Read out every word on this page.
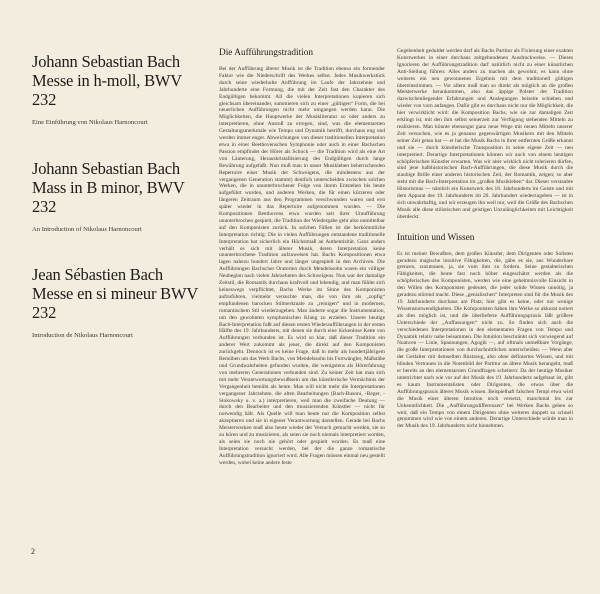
Johann Sebastian Bach Messe in h-moll, BWV 232
Eine Einführung von Nikolaus Harnoncourt
Johann Sebastian Bach Mass in B minor, BWV 232
An Introduction of Nikolaus Harnoncourt
Jean Sébastien Bach Messe en si mineur BWV 232
Introduction de Nikolaus Harnoncourt
Die Aufführungstradition

Bei der Aufführung älterer Musik ist die Tradition ebenso ein formender Faktor wie die Niederschrift des Werkes selbst. Jedes Musikwerkstück durch seine wiederholte Aufführung im Laufe der Jahrzehnte und Jahrhunderte eine Formung, die mit der Zeit fast den Charakter des Endgültigen bekommt. All die vielen Interpretationen kopieren sich gleichsam übereinander, summieren sich zu einer „gültigen“ Form, die bei neuerlichen Aufführungen nicht mehr umgangen werden kann. Die Möglichkeiten, die Hauptwerke der Musikliteratur so oder anders zu interpretieren, ohne Anstoß zu erregen, sind, was die elementarsten Gestaltungsmerkmale wie Tempo und Dynamik betrifft, durchaus eng und werden immer enger. Abweichungen von dieser traditionellen Interpretation etwa in einer Beethovenschen Symphonie oder auch in einer Bachschen Passion empfindet der Hörer als Schock — die Tradition wird als eine Art von Läuterung, Herauskristallisierung des Endgültigen durch lange Bewährung aufgefaßt. Nun muß man in unser Musikleben beherrschenden Repertoire einer Musik der Schweigens, die mindestens aus der vergangenen Generation stammt) deutlich unterscheiden zwischen solchen Werken, die in ununterbrochener Folge von ihrem Entstehen bis heute aufgeführt wurden, und anderen Werken, die für einen kürzeren oder längeren Zeitraum aus den Programmen verschwunden waren und erst später wieder in das Repertoire aufgenommen wurden. — Die Kompositionen Beethovens etwa wurden seit ihrer Uraufführung ununterbrochen gespielt, die Tradition der Wiedergabe geht also unmittelbar auf den Komponisten zurück. In solchen Fällen ist die herkömmliche Interpretation richtig: Die in vielen Aufführungen entstandene traditionelle Interpretation hat sicherlich ein Höchstmaß an Authentizität. Ganz anders verhält es sich mit älterer Musik, deren Interpretation keine ununterbrochene Tradition aufzuweisen hat. Bachs Kompositionen etwa lagen nahezu hundert Jahre und länger ungespielt in den Archiven. Die Aufführungen Bachscher Oratorien durch Mendelssohn waren ein völliger Neubeginn nach vielen Jahrzehnten des Schweigens. Nun war der damalige Zeitstil, die Romantik durchaus kraftvoll und lebendig, und man fühlte sich keineswegs verpflichtet, Bachs Werke im Sinne des Komponisten aufzuführen, vielmehr versuchte man, die von ihm als „zopfig“ empfundenen barocken Stilmerkmale zu „reinigen“ und in modernen, romantischem Stil wiederzugeben. Man änderte sogar die Instrumentation, um den gewohnten symphonischen Klang zu erzielen. Unsere heutige Bach-Interpretation fußt auf diesen ersten Wiederaufführungen in der ersten Hälfte des 19. Jahrhunderts, mit denen sie durch eine lückenlose Kette von Aufführungen verbunden ist. Es wird so klar, daß dieser Tradition ein anderer Wert zukommt als jener, die direkt auf den Komponisten zurückgeht. Dennoch ist es keine Frage, daß in mehr als hundertjährigem Bemühen um das Werk Bachs, von Mendelssohn bis Furtwängler, Maßstäbe und Grundwahrheiten gefunden wurden, die wenigstens als Hörerfahrung von mehreren Generationen verbunden sind. Zu keiner Zeit hat man sich mit mehr Verantwortungsbewußtsein um das künstlerische Vermächtnis der Vergangenheit bemüht als heute. Man will nicht mehr die Interpretationen vergangener Jahrzehnte, die alten Bearbeitungen (Bach-Busoni, -Reger, -Stokowsky u. v. a.) interpretieren, weil man die zweifache Deutung — durch den Bearbeiter und den musizierenden Künstler — nicht für notwendig hält. Als Quelle will man heute nur die Komposition selbst akzeptieren und sie in eigener Verantwortung darstellen. Gerade bei Bachs Meisterwerken muß also heute wieder der Versuch gemacht werden, sie so zu hören und zu musizieren, als seien sie noch niemals interpretiert worden, als seien sie noch nie gehört oder gespielt worden. Es muß eine Interpretation versucht werden, bei der die ganze romantische Aufführungstradition ignoriert wird. Alle Fragen müssen einmal neu gestellt werden, wobei keine andere feste

Gegebenheit geduldet werden darf als Bachs Partitur als Fixierung einer exakten Kunstwerkes in einer durchaus zeitgebundenen Ausdruckweise. — Dieses Ignorieren der Aufführungstradition darf natürlich nicht zu einer künstlichen Anti-Stellung führen: Alles anders zu machen als gewohnt; es kann ohne weiteres ein neu gewonnenes Ergebnis mit dem traditionell gültigen übereinstimmen. — Vor allem muß man so direkt als möglich an die großen Meisterwerke herankommen, also das äppige Polster der Tradition dazwischenliegender Erfahrungen und Auslegungen beiseite schieben und wieder von vorn anfangen. Dafür gibt es durchaus nicht nur die Möglichkeit, die hier verwirklicht wird: die Komposition Bachs, wie sie zur damaligen Zeit erklingt ist, mit den ihm selbst seinerzeit zur Verfügung stehenden Mitteln zu realisieren. Man könnte ebensogut ganz neue Wege mit neuen Mitteln unserer Zeit versuchen, wie es ja genauso gegenwärtigen Musikern mit den Mitteln seiner Zeit getan hat — er hat die Musik Bachs in ihrer entfernten Größe erkannt und sie — durch künstlerische Transposition in seine eigene Zeit — neu interpretiert. Derartige Interpretationen können wir auch von einem heutigen schöpferischen Künstler erwarten. Was wir aber wirklich nicht tolerieren dürfen, sind jene halbhistorischen Bach-Aufführungen, die diese Musik durch die staubige Brille einer anderen historischen Zeit, der Romantik, zeigen; so aber steht mit die Bach-Interpretation im „großen Musikleben“ dar. Dieser verstaubte Historismus — nämlich ein Kunstwerk des 18. Jahrhunderts im Geiste und mit dem Apparat des 19. Jahrhunderts im 20. Jahrhundert wiederzugeben — ist in sich unwahrhaftig, und wir erzeugen ihn weil nur, weil die Größe des Bachschen Musik alle diese stilistischen und geistigen Unzulänglichkeiten mit Leichtigkeit überdeckt.

Intuition und Wissen

Es ist meiner Bewußten, dem großen Künstler, dem Dirigenten oder Solisten geradezu magische intuitive Fähigkeiten, die, gäbe es sie, aus Wunderbare grenzen, zuzutrauen, ja, sie vom ihm zu fordern. Seine gestalterischen Fähigkeiten, die heute fast noch höher eingeschätzt werden als die schöpferischen des Komponisten, werden wie eine geheimnisvolle Einsicht in den Willen des Komponisten gedeutet, die jeder solide Wissen unnötig, ja geradezu störend macht. Diese „genialischen“ Interpreten sind für die Musik des 19. Jahrhunderts durchaus am Platz; hier gibt es keine, oder nur wenige Wissensnotwendigkeiten. Die Komponisten haben ihre Werke so akkurat notiert als dies möglich ist, und die überlieferte Aufführungspraxis läßt größere Unterschiede der „Auffassungen“ nicht zu. So finden sich auch die verschiedenen Interpretationen in den elementaren Fragen von Tempo und Dynamik relativ nahe beisammen. Die Intuition beschränkt sich vorwiegend auf Nuancen — Linie, Spannungen, Agogik —, auf oftmals unmeßbare Vorgänge, die große Interpretationen von durchschnittlichen unterscheiden. — Wenn aber der Gestalter mit demselben Rüstzeug, also ohne definiertes Wissen, und mit blinden Vertrauen in die Notenbild der Partitur an ältere Musik herangeht, muß er bereits an den elementarsten Grundfragen scheitern: Da der heutige Musiker unterrichtet nach wie vor auf der Musik des 19. Jahrhunderts aufgebaut ist, gibt es kaum Instrumentalisten oder Dirigenten, die etwas über die Aufführungspraxis älterer Musik wissen. Beispielhaft falschen Tempi etwa wird die Musik einer älteren Intuition noch versetzt, manchmal bis zur Unkenntlichkeit. Die „Aufführungsdifferenzen“ bei Werken Bachs gehen so weit, daß ein Tempo von einem Dirigenten ohne weiteres doppelt so schnell genommen wird wie von einem anderen. Derartige Unterschiede würde man in der Musik des 19. Jahrhunderts nicht hinnehmen.

2
